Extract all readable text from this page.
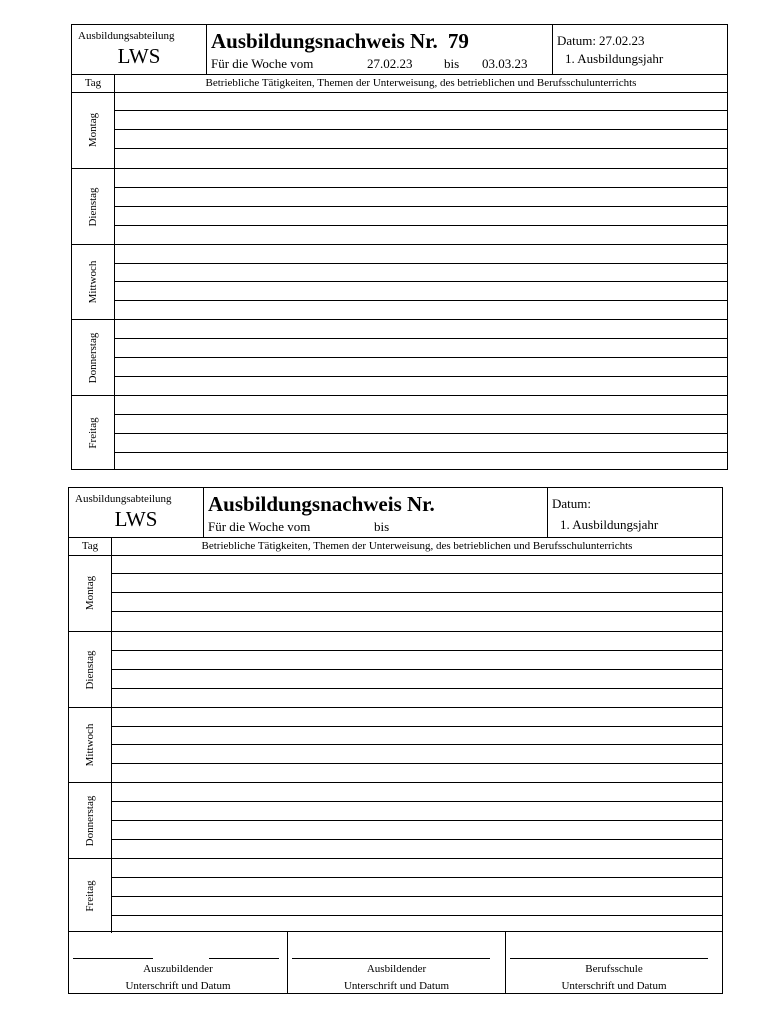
Ausbildungsabteilung
LWS
Ausbildungsnachweis Nr. 79
Für die Woche vom	27.02.23 bis 03.03.23
Datum: 27.02.23
1. Ausbildungsjahr
Tag	Betriebliche Tätigkeiten, Themen der Unterweisung, des betrieblichen und Berufsschulunterrichts
Montag
Dienstag
Mittwoch
Donnerstag
Freitag
Ausbildungsabteilung
LWS
Ausbildungsnachweis Nr.
Für die Woche vom	bis
Datum:
1. Ausbildungsjahr
Tag	Betriebliche Tätigkeiten, Themen der Unterweisung, des betrieblichen und Berufsschulunterrichts
Montag
Dienstag
Mittwoch
Donnerstag
Freitag
Auszubildender
Unterschrift und Datum
Ausbildender
Unterschrift und Datum
Berufsschule
Unterschrift und Datum
